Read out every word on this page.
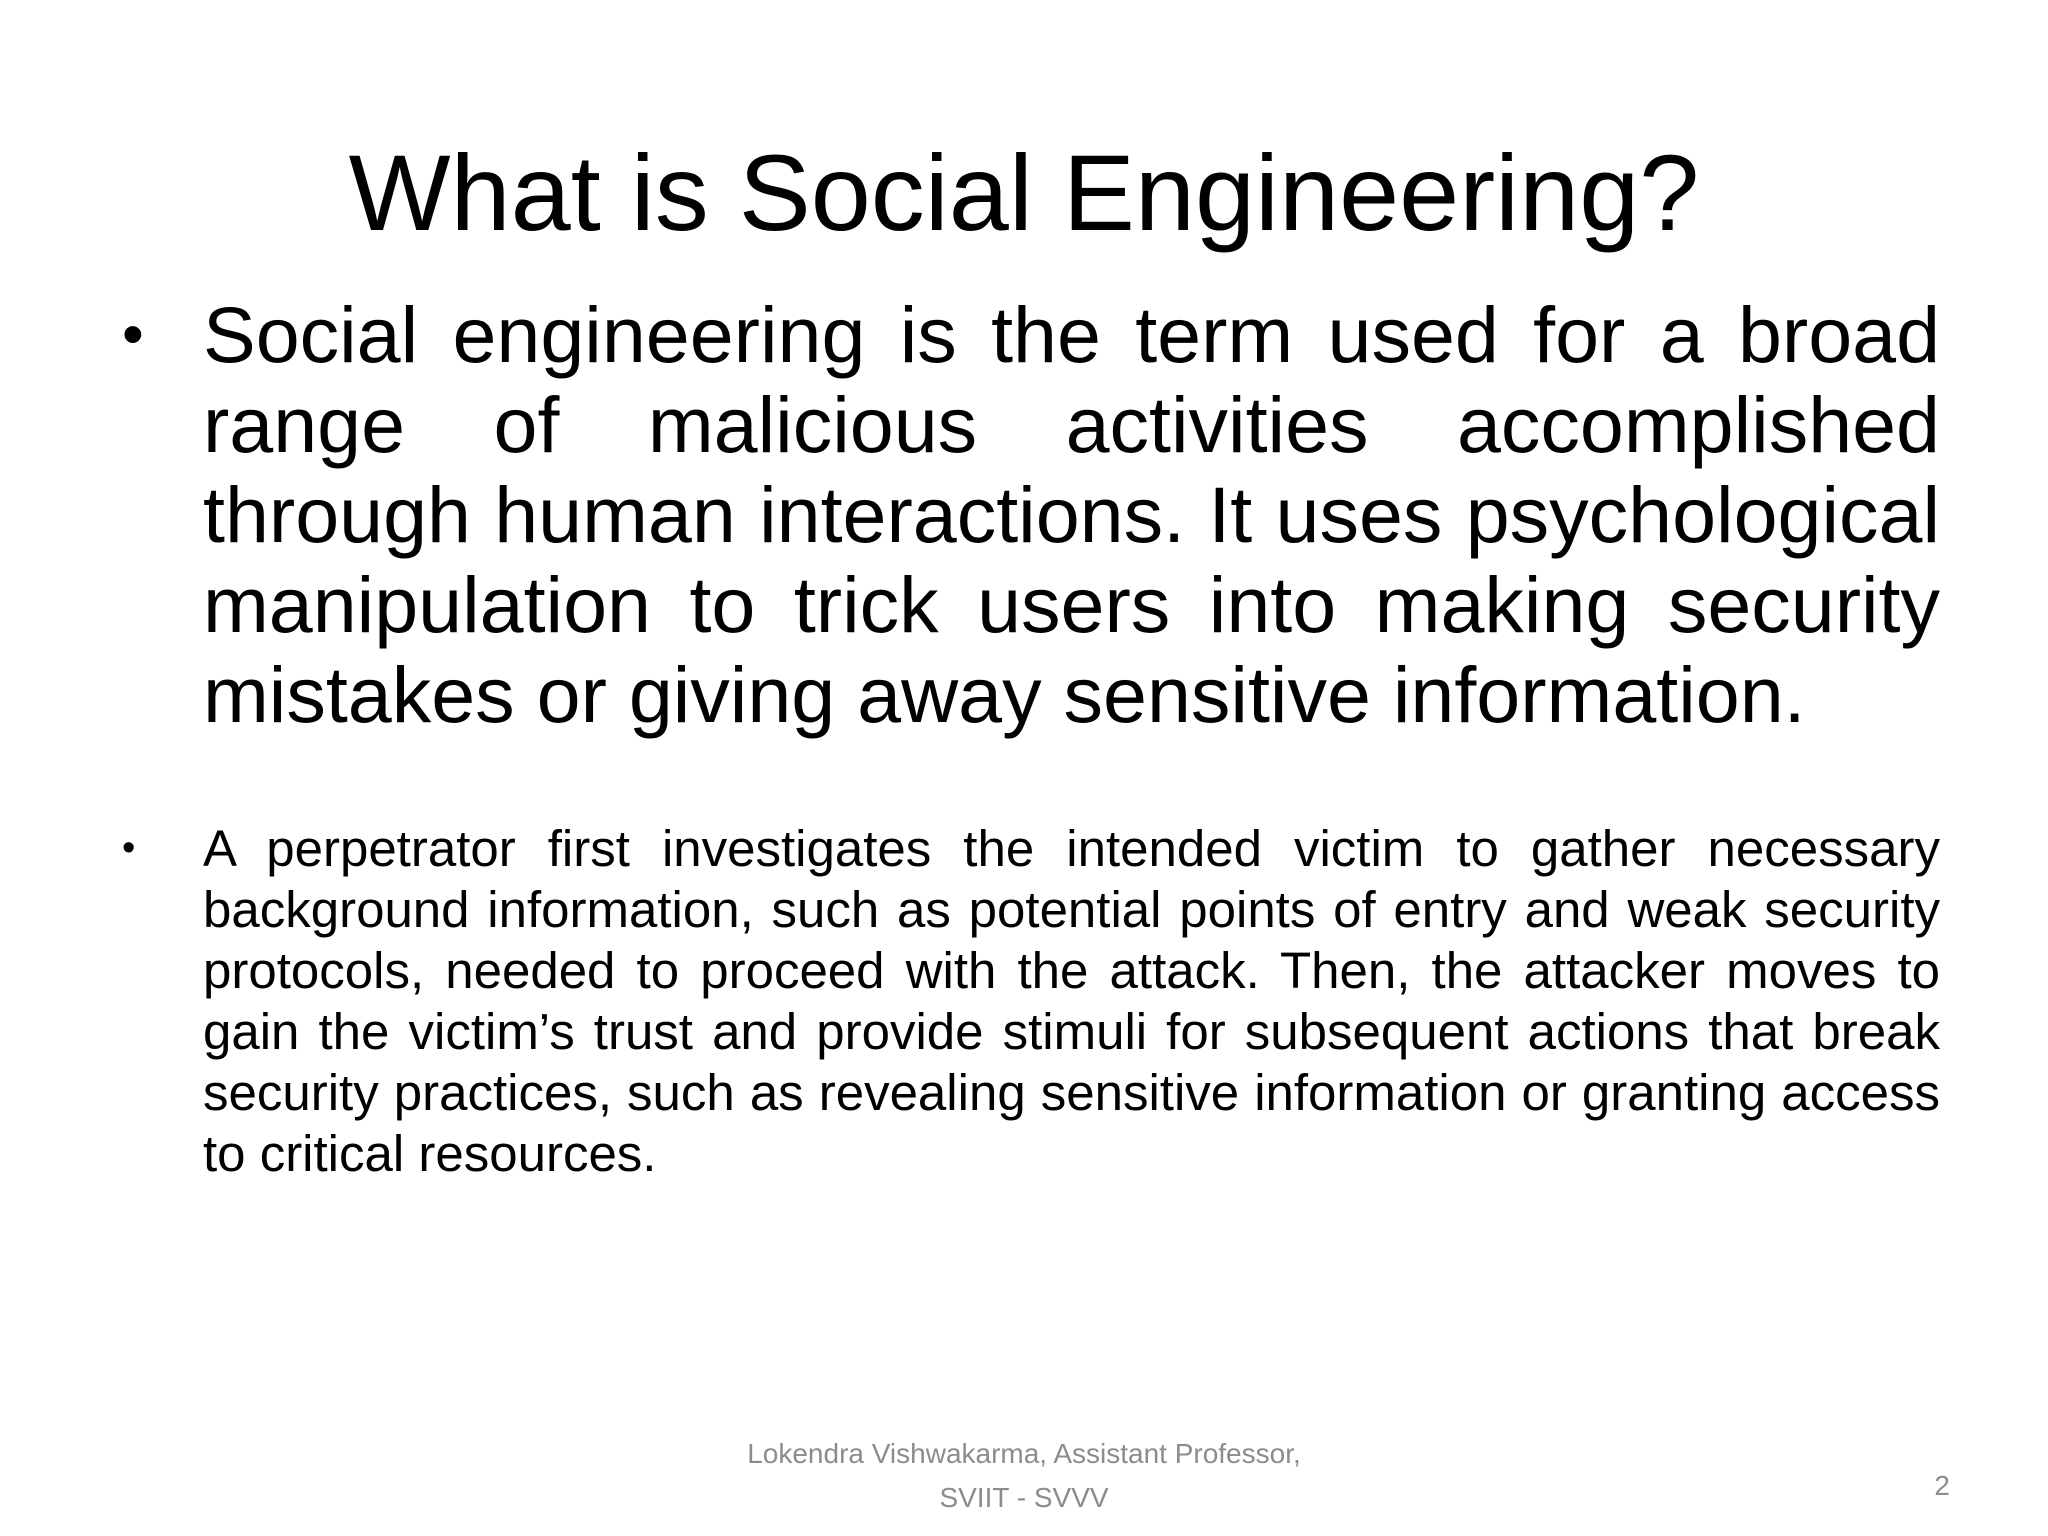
What is Social Engineering?
• Social engineering is the term used for a broad range of malicious activities accomplished through human interactions. It uses psychological manipulation to trick users into making security mistakes or giving away sensitive information.
• A perpetrator first investigates the intended victim to gather necessary background information, such as potential points of entry and weak security protocols, needed to proceed with the attack. Then, the attacker moves to gain the victim’s trust and provide stimuli for subsequent actions that break security practices, such as revealing sensitive information or granting access to critical resources.
Lokendra Vishwakarma, Assistant Professor,
SVIIT - SVVV	2
